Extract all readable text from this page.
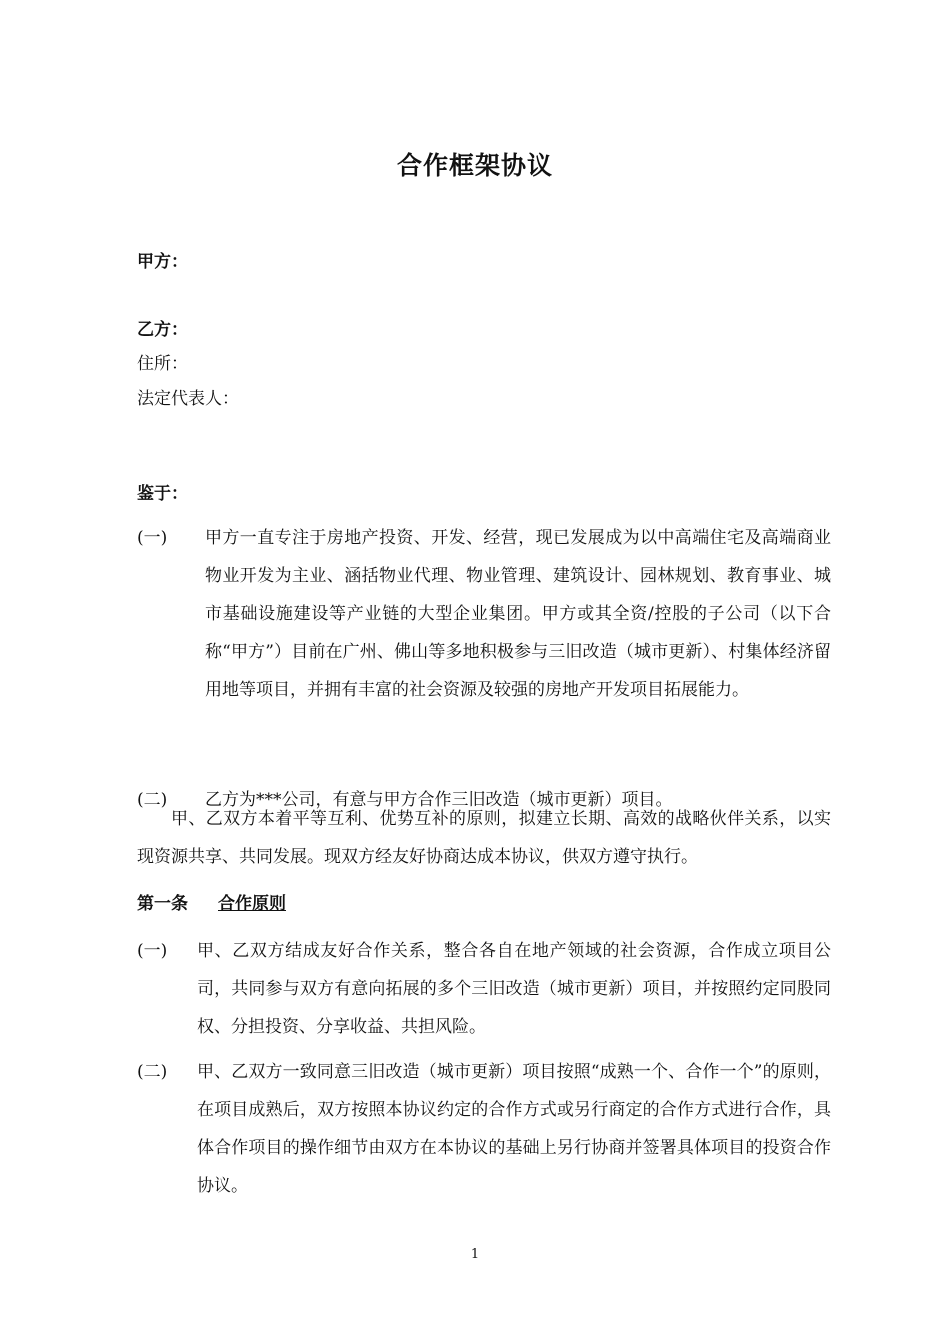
合作框架协议
甲方：
乙方：
住所：
法定代表人：
鉴于：
(一) 甲方一直专注于房地产投资、开发、经营，现已发展成为以中高端住宅及高端商业物业开发为主业、涵括物业代理、物业管理、建筑设计、园林规划、教育事业、城市基础设施建设等产业链的大型企业集团。甲方或其全资/控股的子公司（以下合称“甲方”）目前在广州、佛山等多地积极参与三旧改造（城市更新）、村集体经济留用地等项目，并拥有丰富的社会资源及较强的房地产开发项目拓展能力。
(二) 乙方为***公司，有意与甲方合作三旧改造（城市更新）项目。
甲、乙双方本着平等互利、优势互补的原则，拟建立长期、高效的战略伙伴关系，以实现资源共享、共同发展。现双方经友好协商达成本协议，供双方遵守执行。
第一条 合作原则
(一) 甲、乙双方结成友好合作关系，整合各自在地产领域的社会资源，合作成立项目公司，共同参与双方有意向拓展的多个三旧改造（城市更新）项目，并按照约定同股同权、分担投资、分享收益、共担风险。
(二) 甲、乙双方一致同意三旧改造（城市更新）项目按照“成熟一个、合作一个”的原则，在项目成熟后，双方按照本协议约定的合作方式或另行商定的合作方式进行合作，具体合作项目的操作细节由双方在本协议的基础上另行协商并签署具体项目的投资合作协议。
1
